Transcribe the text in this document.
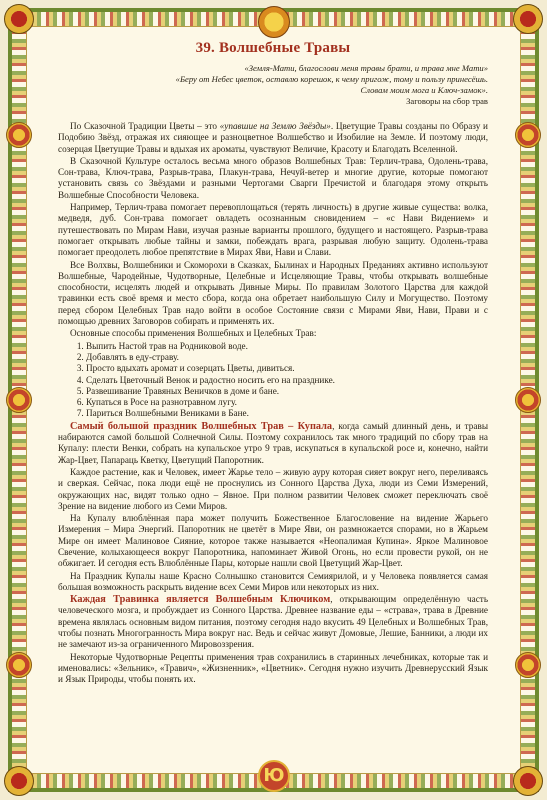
Ю
39. Волшебные Травы
«Земля-Мати, благослови меня травы брати, и трава мне Мати»
«Беру от Небес цветок, оставлю корешок, к чему пригож, тому и пользу принесёшь.
Словам моим мога и Ключ-замок».
Заговоры на сбор трав

По Сказочной Традиции Цветы – это «упавшие на Землю Звёзды». Цветущие Травы созданы по Образу и Подобию Звёзд, отражая их сияющее и разноцветное Волшебство и Изобилие на Земле. И поэтому люди, созерцая Цветущие Травы и вдыхая их ароматы, чувствуют Величие, Красоту и Благодать Вселенной.

В Сказочной Культуре осталось весьма много образов Волшебных Трав: Терлич-трава, Одолень-трава, Сон-трава, Ключ-трава, Разрыв-трава, Плакун-трава, Нечуй-ветер и многие другие, которые помогают установить связь со Звёздами и разными Чертогами Сварги Пречистой и благодаря этому открыть Волшебные Способности Человека.

Например, Терлич-трава помогает перевоплощаться (терять личность) в другие живые существа: волка, медведя, дуб. Сон-трава помогает овладеть осознанным сновидением – «с Нави Видением» и путешествовать по Мирам Нави, изучая разные варианты прошлого, будущего и настоящего. Разрыв-трава помогает открывать любые тайны и замки, побеждать врага, разрывая любую защиту. Одолень-трава помогает преодолеть любое препятствие в Мирах Яви, Нави и Слави.

Все Волхвы, Волшебники и Скоморохи в Сказках, Былинах и Народных Преданиях активно используют Волшебные, Чародейные, Чудотворные, Целебные и Исцеляющие Травы, чтобы открывать волшебные способности, исцелять людей и открывать Дивные Миры. По правилам Золотого Царства для каждой травинки есть своё время и место сбора, когда она обретает наибольшую Силу и Могущество. Поэтому перед сбором Целебных Трав надо войти в особое Состояние связи с Мирами Яви, Нави, Прави и с помощью древних Заговоров собирать и применять их.

Основные способы применения Волшебных и Целебных Трав:

1. Выпить Настой трав на Родниковой воде.
2. Добавлять в еду-страву.
3. Просто вдыхать аромат и созерцать Цветы, дивиться.
4. Сделать Цветочный Венок и радостно носить его на празднике.
5. Развешивание Травяных Веничков в доме и бане.
6. Купаться в Росе на разнотравном лугу.
7. Париться Волшебными Вениками в Бане.

Самый большой праздник Волшебных Трав – Купала, когда самый длинный день, и травы набираются самой большой Солнечной Силы. Поэтому сохранилось так много традиций по сбору трав на Купалу: плести Венки, собрать на купальское утро 9 трав, искупаться в купальской росе и, конечно, найти Жар-Цвет, Папараць Кветку, Цветущий Папоротник.

Каждое растение, как и Человек, имеет Жарье тело – живую ауру которая сияет вокруг него, переливаясь и сверкая. Сейчас, пока люди ещё не проснулись из Сонного Царства Духа, люди из Семи Измерений, окружающих нас, видят только одно – Явное. При полном развитии Человек сможет переключать своё Зрение на видение любого из Семи Миров.

На Купалу влюблённая пара может получить Божественное Благословение на видение Жарьего Измерения – Мира Энергий. Папоротник не цветёт в Мире Яви, он размножается спорами, но в Жарьем Мире он имеет Малиновое Сияние, которое также называется «Неопалимая Купина». Яркое Малиновое Свечение, колыхающееся вокруг Папоротника, напоминает Живой Огонь, но если провести рукой, он не обжигает. И сегодня есть Влюблённые Пары, которые нашли свой Цветущий Жар-Цвет.

На Праздник Купалы наше Красно Солнышко становится Семиярилой, и у Человека появляется самая большая возможность раскрыть видение всех Семи Миров или некоторых из них.

Каждая Травинка является Волшебным Ключиком, открывающим определённую часть человеческого мозга, и пробуждает из Сонного Царства. Древнее название еды – «страва», трава в Древние времена являлась основным видом питания, поэтому сегодня надо вкусить 49 Целебных и Волшебных Трав, чтобы познать Многогранность Мира вокруг нас. Ведь и сейчас живут Домовые, Лешие, Банники, а люди их не замечают из-за ограниченного Мировоззрения.

Некоторые Чудотворные Рецепты применения трав сохранились в старинных лечебниках, которые так и именовались: «Зельник», «Травич», «Жизненник», «Цветник». Сегодня нужно изучить Древнерусский Язык и Язык Природы, чтобы понять их.
